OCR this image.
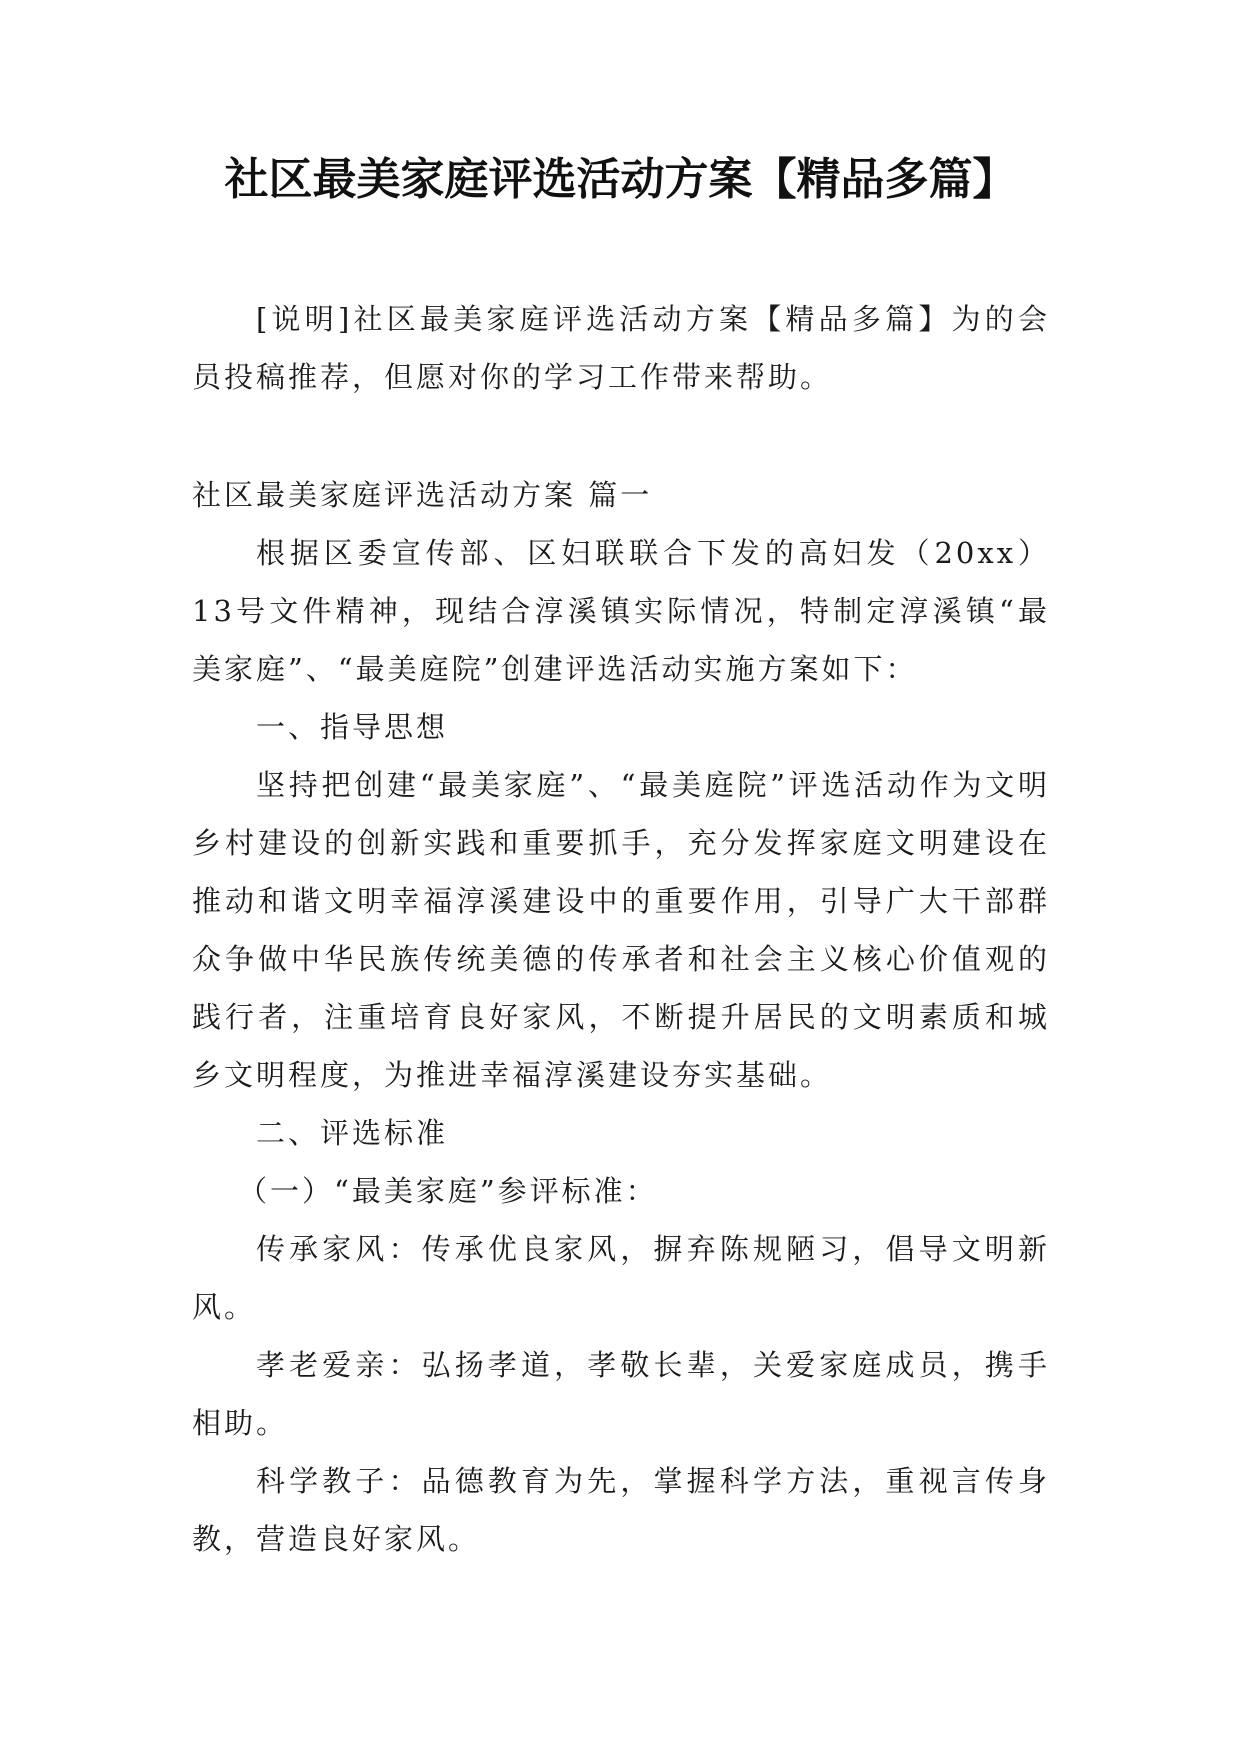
社区最美家庭评选活动方案【精品多篇】

[说明]社区最美家庭评选活动方案【精品多篇】为的会员投稿推荐，但愿对你的学习工作带来帮助。

社区最美家庭评选活动方案 篇一

根据区委宣传部、区妇联联合下发的高妇发（20xx）13号文件精神，现结合淳溪镇实际情况，特制定淳溪镇“最美家庭”、“最美庭院”创建评选活动实施方案如下：

一、指导思想

坚持把创建“最美家庭”、“最美庭院”评选活动作为文明乡村建设的创新实践和重要抓手，充分发挥家庭文明建设在推动和谐文明幸福淳溪建设中的重要作用，引导广大干部群众争做中华民族传统美德的传承者和社会主义核心价值观的践行者，注重培育良好家风，不断提升居民的文明素质和城乡文明程度，为推进幸福淳溪建设夯实基础。

二、评选标准

（一）“最美家庭”参评标准：

传承家风：传承优良家风，摒弃陈规陋习，倡导文明新风。

孝老爱亲：弘扬孝道，孝敬长辈，关爱家庭成员，携手相助。

科学教子：品德教育为先，掌握科学方法，重视言传身教，营造良好家风。
